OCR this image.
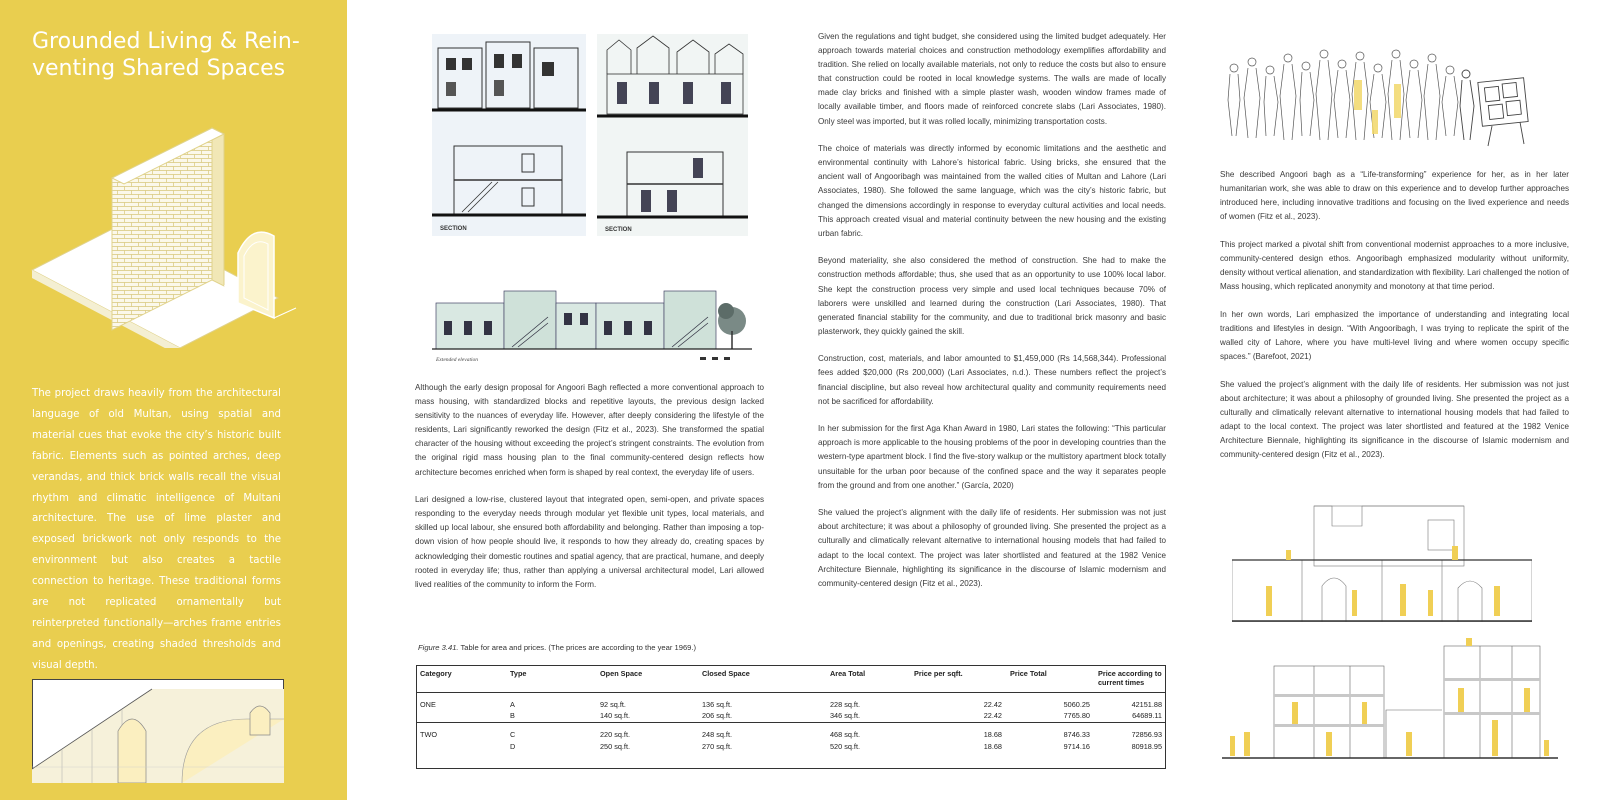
Grounded Living & Rein-venting Shared Spaces
The project draws heavily from the architectural language of old Multan, using spatial and material cues that evoke the city’s historic built fabric. Elements such as pointed arches, deep verandas, and thick brick walls recall the visual rhythm and climatic intelligence of Multani architecture. The use of lime plaster and exposed brickwork not only responds to the environment but also creates a tactile connection to heritage. These traditional forms are not replicated ornamentally but reinterpreted functionally—arches frame entries and openings, creating shaded thresholds and visual depth.
SECTION	SECTION
Extended elevation

Although the early design proposal for Angoori Bagh reflected a more conventional approach to mass housing, with standardized blocks and repetitive layouts, the previous design lacked sensitivity to the nuances of everyday life. However, after deeply considering the lifestyle of the residents, Lari significantly reworked the design (Fitz et al., 2023). She transformed the spatial character of the housing without exceeding the project’s stringent constraints. The evolution from the original rigid mass housing plan to the final community-centered design reflects how architecture becomes enriched when form is shaped by real context, the everyday life of users.

Lari designed a low-rise, clustered layout that integrated open, semi-open, and private spaces responding to the everyday needs through modular yet flexible unit types, local materials, and skilled up local labour, she ensured both affordability and belonging. Rather than imposing a top-down vision of how people should live, it responds to how they already do, creating spaces by acknowledging their domestic routines and spatial agency, that are practical, humane, and deeply rooted in everyday life; thus, rather than applying a universal architectural model, Lari allowed lived realities of the community to inform the Form.

Given the regulations and tight budget, she considered using the limited budget adequately. Her approach towards material choices and construction methodology exemplifies affordability and tradition. She relied on locally available materials, not only to reduce the costs but also to ensure that construction could be rooted in local knowledge systems. The walls are made of locally made clay bricks and finished with a simple plaster wash, wooden window frames made of locally available timber, and floors made of reinforced concrete slabs (Lari Associates, 1980). Only steel was imported, but it was rolled locally, minimizing transportation costs.

The choice of materials was directly informed by economic limitations and the aesthetic and environmental continuity with Lahore’s historical fabric. Using bricks, she ensured that the ancient wall of Angooribagh was maintained from the walled cities of Multan and Lahore (Lari Associates, 1980). She followed the same language, which was the city’s historic fabric, but changed the dimensions accordingly in response to everyday cultural activities and local needs. This approach created visual and material continuity between the new housing and the existing urban fabric.

Beyond materiality, she also considered the method of construction. She had to make the construction methods affordable; thus, she used that as an opportunity to use 100% local labor. She kept the construction process very simple and used local techniques because 70% of laborers were unskilled and learned during the construction (Lari Associates, 1980). That generated financial stability for the community, and due to traditional brick masonry and basic plasterwork, they quickly gained the skill.

Construction, cost, materials, and labor amounted to $1,459,000 (Rs 14,568,344). Professional fees added $20,000 (Rs 200,000) (Lari Associates, n.d.). These numbers reflect the project’s financial discipline, but also reveal how architectural quality and community requirements need not be sacrificed for affordability.

In her submission for the first Aga Khan Award in 1980, Lari states the following: “This particular approach is more applicable to the housing problems of the poor in developing countries than the western-type apartment block. I find the five-story walkup or the multistory apartment block totally unsuitable for the urban poor because of the confined space and the way it separates people from the ground and from one another.” (García, 2020)

She valued the project’s alignment with the daily life of residents. Her submission was not just about architecture; it was about a philosophy of grounded living. She presented the project as a culturally and climatically relevant alternative to international housing models that had failed to adapt to the local context. The project was later shortlisted and featured at the 1982 Venice Architecture Biennale, highlighting its significance in the discourse of Islamic modernism and community-centered design (Fitz et al., 2023).

Figure 3.41. Table for area and prices. (The prices are according to the year 1969.)
Category	Type	Open Space	Closed Space	Area Total	Price per sqft.	Price Total	Price according to current times

ONE	A	92 sq.ft.	136 sq.ft.	228 sq.ft.	22.42	5060.25	42151.88
	B	140 sq.ft.	206 sq.ft.	346 sq.ft.	22.42	7765.80	64689.11

TWO	C	220 sq.ft.	248 sq.ft.	468 sq.ft.	18.68	8746.33	72856.93
	D	250 sq.ft.	270 sq.ft.	520 sq.ft.	18.68	9714.16	80918.95

She described Angoori bagh as a “Life-transforming” experience for her, as in her later humanitarian work, she was able to draw on this experience and to develop further approaches introduced here, including innovative traditions and focusing on the lived experience and needs of women (Fitz et al., 2023).

This project marked a pivotal shift from conventional modernist approaches to a more inclusive, community-centered design ethos. Angooribagh emphasized modularity without uniformity, density without vertical alienation, and standardization with flexibility. Lari challenged the notion of Mass housing, which replicated anonymity and monotony at that time period.

In her own words, Lari emphasized the importance of understanding and integrating local traditions and lifestyles in design. “With Angooribagh, I was trying to replicate the spirit of the walled city of Lahore, where you have multi-level living and where women occupy specific spaces.” (Barefoot, 2021)

She valued the project’s alignment with the daily life of residents. Her submission was not just about architecture; it was about a philosophy of grounded living. She presented the project as a culturally and climatically relevant alternative to international housing models that had failed to adapt to the local context. The project was later shortlisted and featured at the 1982 Venice Architecture Biennale, highlighting its significance in the discourse of Islamic modernism and community-centered design (Fitz et al., 2023).
